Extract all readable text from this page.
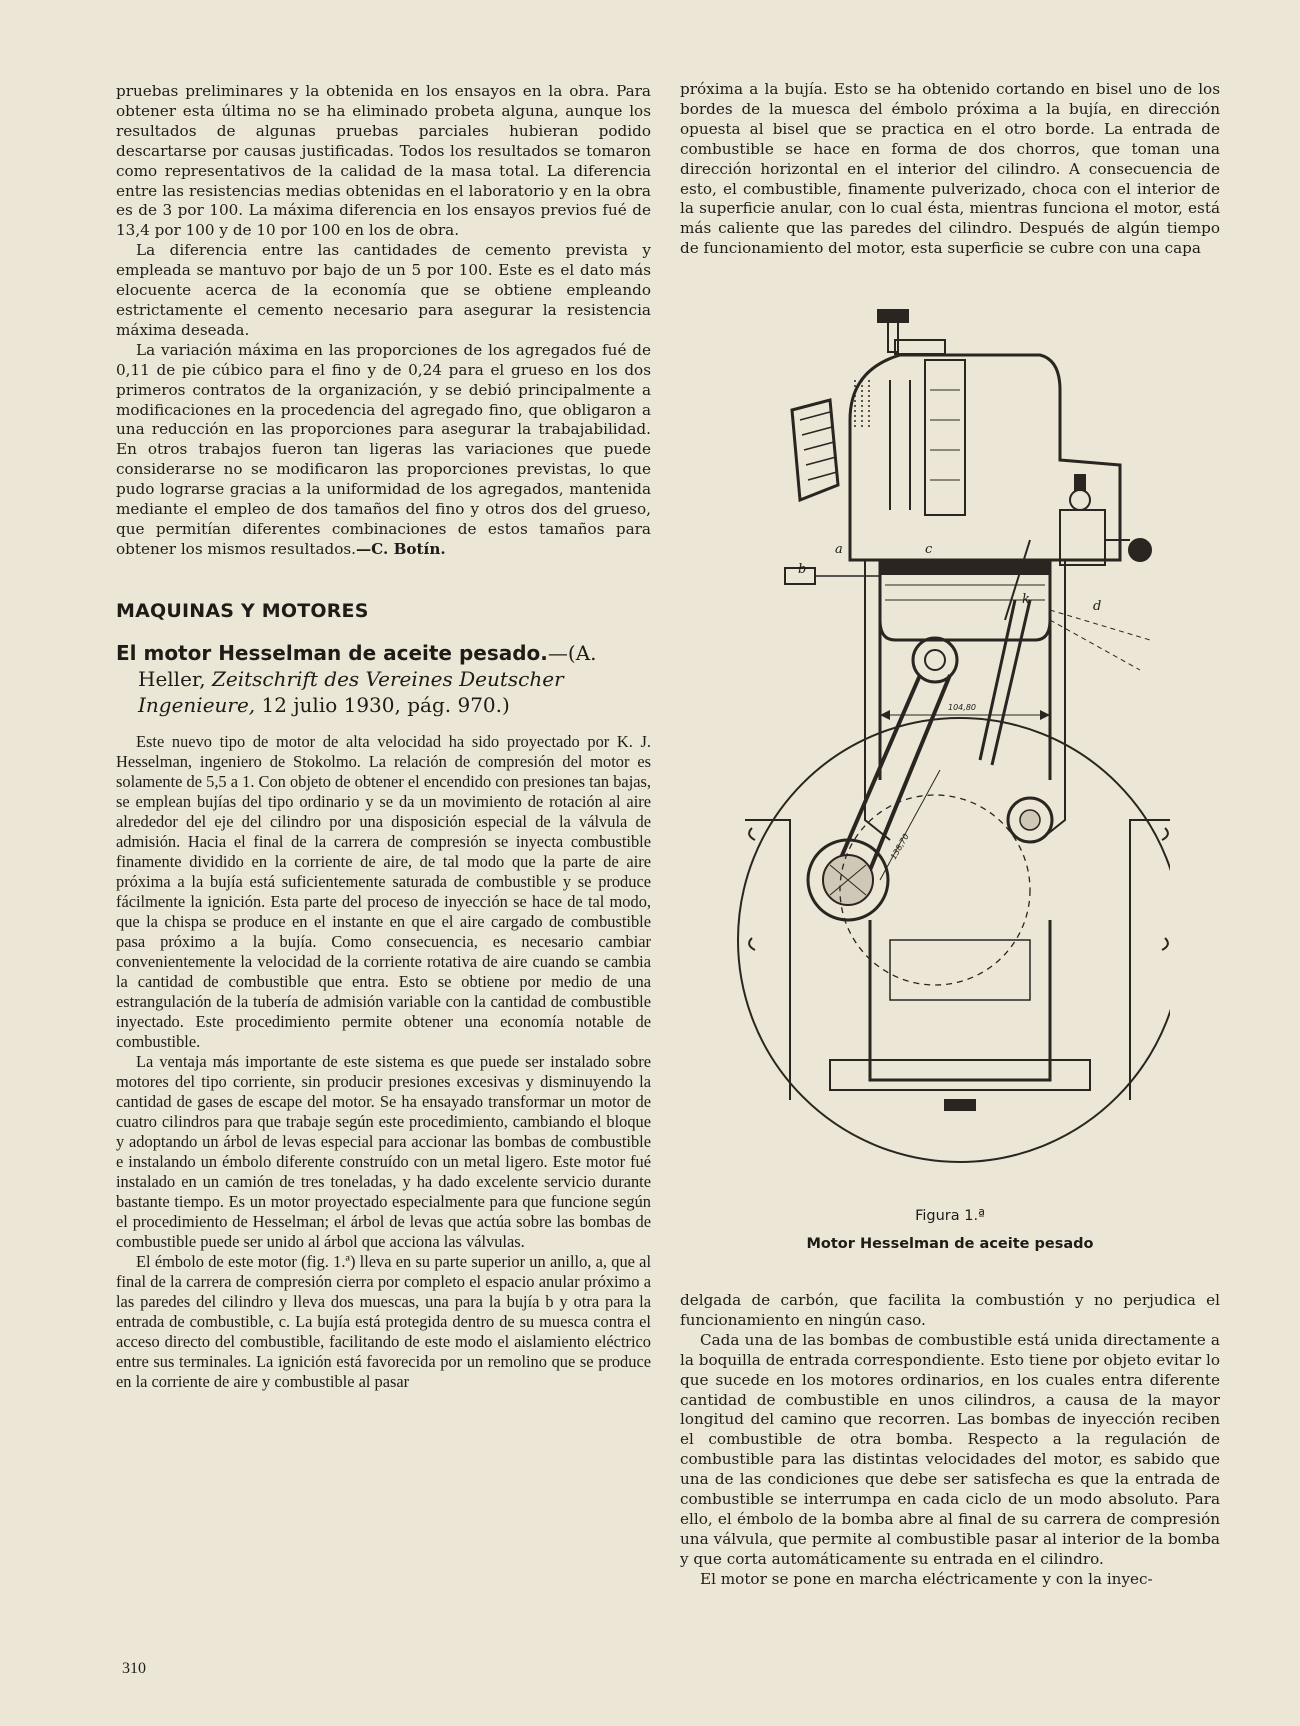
pruebas preliminares y la obtenida en los ensayos en la obra. Para obtener esta última no se ha eliminado probeta alguna, aunque los resultados de algunas pruebas parciales hubieran podido descartarse por causas justificadas. Todos los resultados se tomaron como representativos de la calidad de la masa total. La diferencia entre las resistencias medias obtenidas en el laboratorio y en la obra es de 3 por 100. La máxima diferencia en los ensayos previos fué de 13,4 por 100 y de 10 por 100 en los de obra.

La diferencia entre las cantidades de cemento prevista y empleada se mantuvo por bajo de un 5 por 100. Este es el dato más elocuente acerca de la economía que se obtiene empleando estrictamente el cemento necesario para asegurar la resistencia máxima deseada.

La variación máxima en las proporciones de los agregados fué de 0,11 de pie cúbico para el fino y de 0,24 para el grueso en los dos primeros contratos de la organización, y se debió principalmente a modificaciones en la procedencia del agregado fino, que obligaron a una reducción en las proporciones para asegurar la trabajabilidad. En otros trabajos fueron tan ligeras las variaciones que puede considerarse no se modificaron las proporciones previstas, lo que pudo lograrse gracias a la uniformidad de los agregados, mantenida mediante el empleo de dos tamaños del fino y otros dos del grueso, que permitían diferentes combinaciones de estos tamaños para obtener los mismos resultados.—C. Botín.

MAQUINAS Y MOTORES
El motor Hesselman de aceite pesado.—(A. Heller, Zeitschrift des Vereines Deutscher Ingenieure, 12 julio 1930, pág. 970.)

Este nuevo tipo de motor de alta velocidad ha sido proyectado por K. J. Hesselman, ingeniero de Stokolmo. La relación de compresión del motor es solamente de 5,5 a 1. Con objeto de obtener el encendido con presiones tan bajas, se emplean bujías del tipo ordinario y se da un movimiento de rotación al aire alrededor del eje del cilindro por una disposición especial de la válvula de admisión. Hacia el final de la carrera de compresión se inyecta combustible finamente dividido en la corriente de aire, de tal modo que la parte de aire próxima a la bujía está suficientemente saturada de combustible y se produce fácilmente la ignición. Esta parte del proceso de inyección se hace de tal modo, que la chispa se produce en el instante en que el aire cargado de combustible pasa próximo a la bujía. Como consecuencia, es necesario cambiar convenientemente la velocidad de la corriente rotativa de aire cuando se cambia la cantidad de combustible que entra. Esto se obtiene por medio de una estrangulación de la tubería de admisión variable con la cantidad de combustible inyectado. Este procedimiento permite obtener una economía notable de combustible.

La ventaja más importante de este sistema es que puede ser instalado sobre motores del tipo corriente, sin producir presiones excesivas y disminuyendo la cantidad de gases de escape del motor. Se ha ensayado transformar un motor de cuatro cilindros para que trabaje según este procedimiento, cambiando el bloque y adoptando un árbol de levas especial para accionar las bombas de combustible e instalando un émbolo diferente construído con un metal ligero. Este motor fué instalado en un camión de tres toneladas, y ha dado excelente servicio durante bastante tiempo. Es un motor proyectado especialmente para que funcione según el procedimiento de Hesselman; el árbol de levas que actúa sobre las bombas de combustible puede ser unido al árbol que acciona las válvulas.

El émbolo de este motor (fig. 1.ª) lleva en su parte superior un anillo, a, que al final de la carrera de compresión cierra por completo el espacio anular próximo a las paredes del cilindro y lleva dos muescas, una para la bujía b y otra para la entrada de combustible, c. La bujía está protegida dentro de su muesca contra el acceso directo del combustible, facilitando de este modo el aislamiento eléctrico entre sus terminales. La ignición está favorecida por un remolino que se produce en la corriente de aire y combustible al pasar

próxima a la bujía. Esto se ha obtenido cortando en bisel uno de los bordes de la muesca del émbolo próxima a la bujía, en dirección opuesta al bisel que se practica en el otro borde. La entrada de combustible se hace en forma de dos chorros, que toman una dirección horizontal en el interior del cilindro. A consecuencia de esto, el combustible, finamente pulverizado, choca con el interior de la superficie anular, con lo cual ésta, mientras funciona el motor, está más caliente que las paredes del cilindro. Después de algún tiempo de funcionamiento del motor, esta superficie se cubre con una capa

b
a	c
k	d
104,80
138,70
Figura 1.ª
Motor Hesselman de aceite pesado

delgada de carbón, que facilita la combustión y no perjudica el funcionamiento en ningún caso.

Cada una de las bombas de combustible está unida directamente a la boquilla de entrada correspondiente. Esto tiene por objeto evitar lo que sucede en los motores ordinarios, en los cuales entra diferente cantidad de combustible en unos cilindros, a causa de la mayor longitud del camino que recorren. Las bombas de inyección reciben el combustible de otra bomba. Respecto a la regulación de combustible para las distintas velocidades del motor, es sabido que una de las condiciones que debe ser satisfecha es que la entrada de combustible se interrumpa en cada ciclo de un modo absoluto. Para ello, el émbolo de la bomba abre al final de su carrera de compresión una válvula, que permite al combustible pasar al interior de la bomba y que corta automáticamente su entrada en el cilindro.

El motor se pone en marcha eléctricamente y con la inyec-

310
